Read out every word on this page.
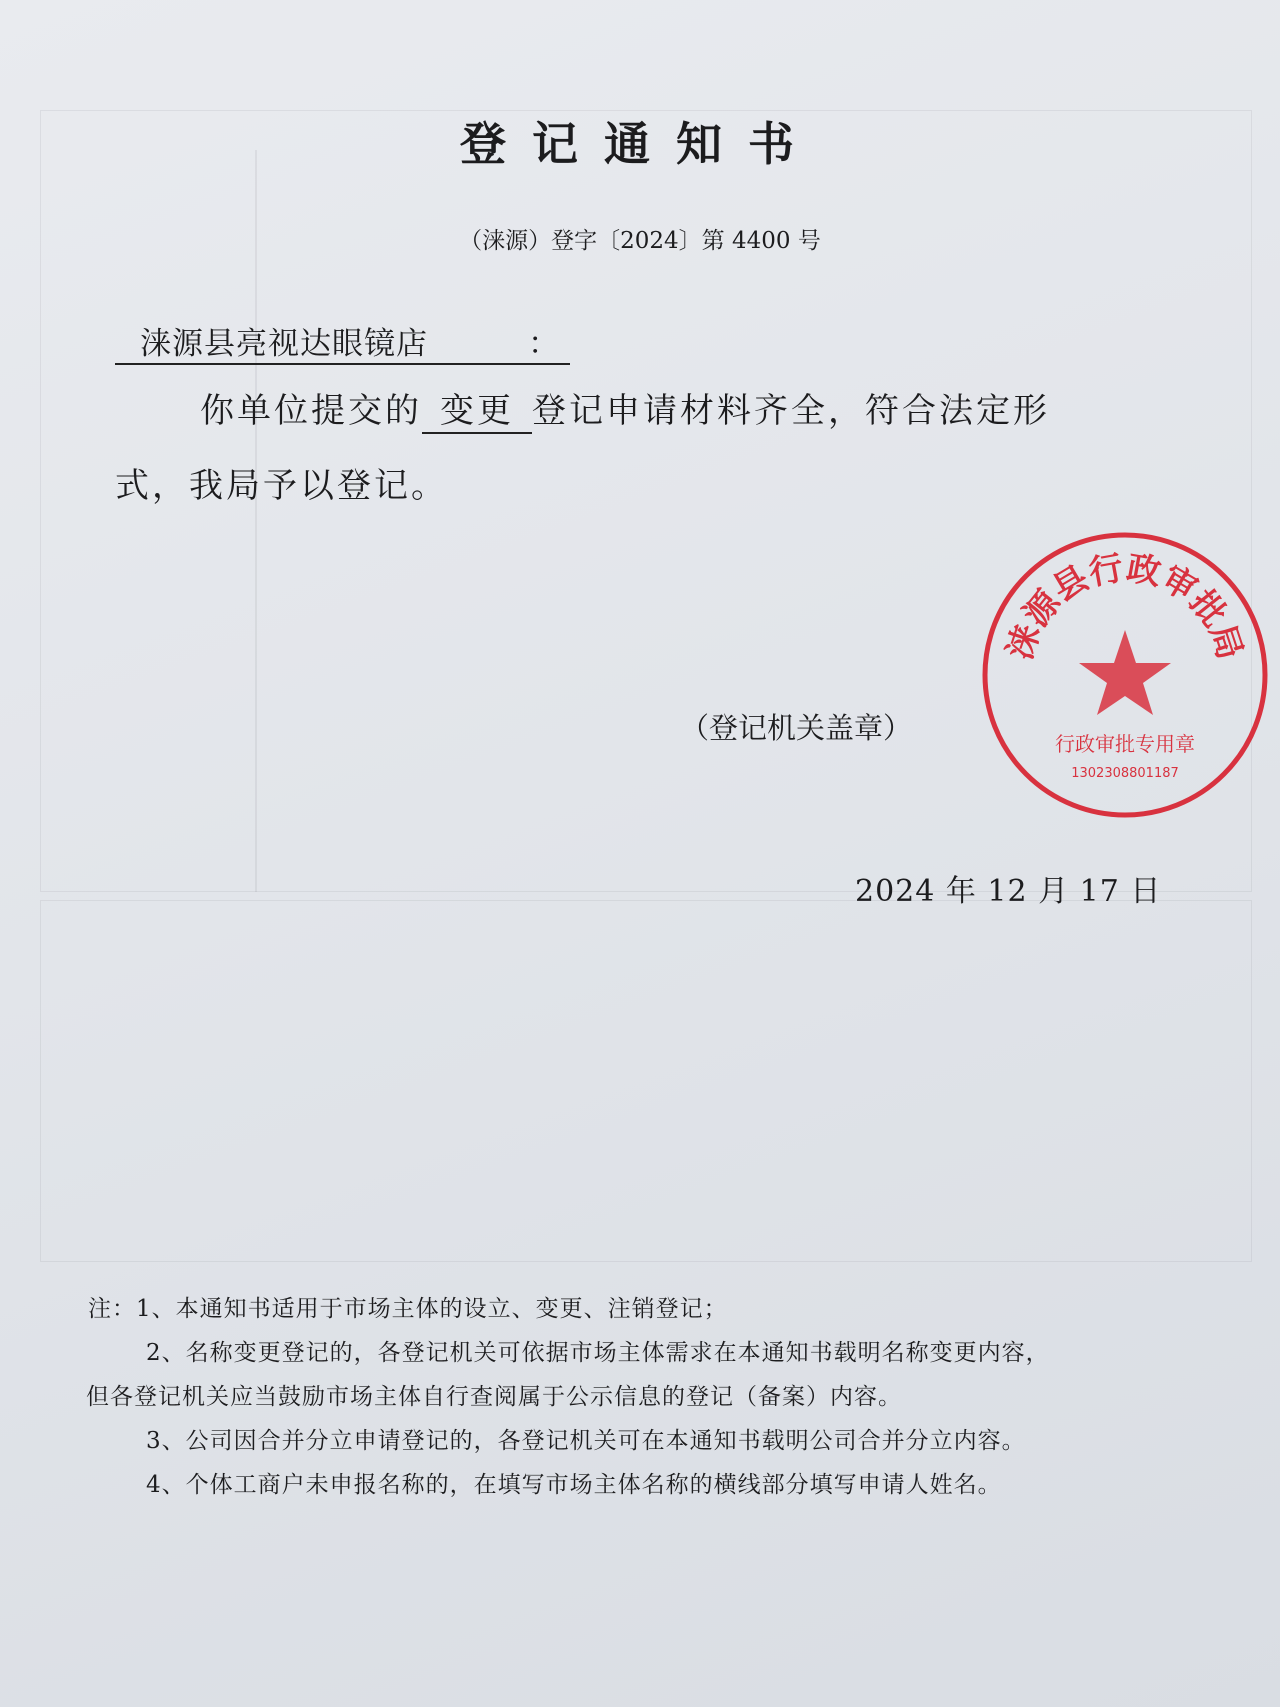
登记通知书
（涞源）登字〔2024〕第 4400 号
涞源县亮视达眼镜店	：
你单位提交的 变更 登记申请材料齐全，符合法定形
式，我局予以登记。
（登记机关盖章）
涞源县行政审批局
行政审批专用章
1302308801187
2024 年 12 月 17 日
注：1、本通知书适用于市场主体的设立、变更、注销登记；
2、名称变更登记的，各登记机关可依据市场主体需求在本通知书载明名称变更内容，
但各登记机关应当鼓励市场主体自行查阅属于公示信息的登记（备案）内容。
3、公司因合并分立申请登记的，各登记机关可在本通知书载明公司合并分立内容。
4、个体工商户未申报名称的，在填写市场主体名称的横线部分填写申请人姓名。
